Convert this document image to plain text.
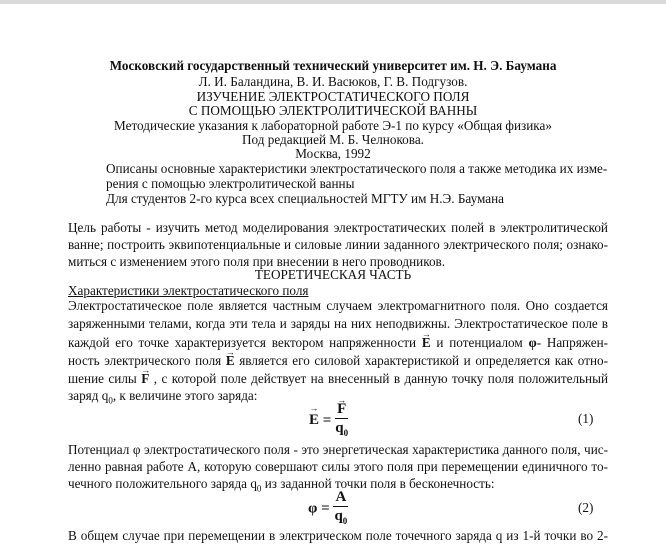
Московский государственный технический университет им. Н. Э. Баумана
Л. И. Баландина, В. И. Васюков, Г. В. Подгузов.
ИЗУЧЕНИЕ ЭЛЕКТРОСТАТИЧЕСКОГО ПОЛЯ
С ПОМОЩЬЮ ЭЛЕКТРОЛИТИЧЕСКОЙ ВАННЫ
Методические указания к лабораторной работе Э-1 по курсу «Общая физика»
Под редакцией М. Б. Челнокова.
Москва, 1992
Описаны основные характеристики электростатического поля а также методика их изме-
рения с помощью электролитической ванны
Для студентов 2-го курса всех специальностей МГТУ им Н.Э. Баумана
Цель работы - изучить метод моделирования электростатических полей в электролитической
ванне; построить эквипотенциальные и силовые линии заданного электрического поля; ознако-
миться с изменением этого поля при внесении в него проводников.
ТЕОРЕТИЧЕСКАЯ ЧАСТЬ
Характеристики электростатического поля
Электростатическое поле является частным случаем электромагнитного поля. Оно создается
заряженными телами, когда эти тела и заряды на них неподвижны. Электростатическое поле в
каждой его точке характеризуется вектором напряженности → E и потенциалом φ- Напряжен-
ность электрического поля → E является его силовой характеристикой и определяется как отно-
шение силы → F , с которой поле действует на внесенный в данную точку поля положительный
заряд $q_0$, к величине этого заряда:
→ E = → $\frac{F}{q_0}$	(1)
Потенциал φ электростатического поля - это энергетическая характеристика данного поля, чис-
ленно равная работе А, которую совершают силы этого поля при перемещении единичного то-
чечного положительного заряда $q_0$ из заданной точки поля в бесконечность:
$\varphi = \frac{A}{q_0}$	(2)
В общем случае при перемещении в электрическом поле точечного заряда q из 1-й точки во 2-
